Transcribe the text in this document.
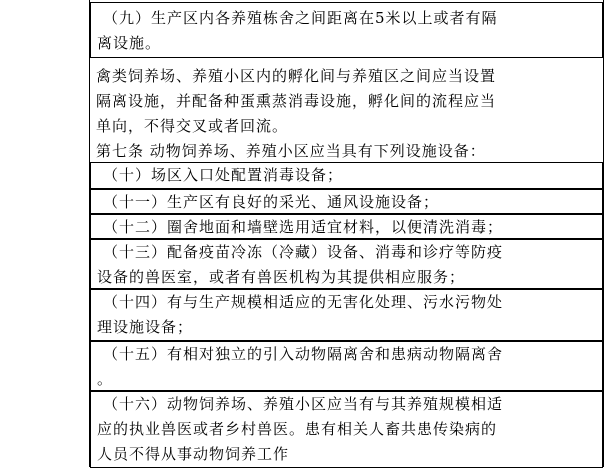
（九）生产区内各养殖栋舍之间距离在5米以上或者有隔
离设施。
禽类饲养场、养殖小区内的孵化间与养殖区之间应当设置
隔离设施，并配备种蛋熏蒸消毒设施，孵化间的流程应当
单向，不得交叉或者回流。
第七条 动物饲养场、养殖小区应当具有下列设施设备：
（十）场区入口处配置消毒设备；
（十一）生产区有良好的采光、通风设施设备；
（十二）圈舍地面和墙壁选用适宜材料，以便清洗消毒；
（十三）配备疫苗冷冻（冷藏）设备、消毒和诊疗等防疫
设备的兽医室，或者有兽医机构为其提供相应服务；
（十四）有与生产规模相适应的无害化处理、污水污物处
理设施设备；
（十五）有相对独立的引入动物隔离舍和患病动物隔离舍
。
（十六）动物饲养场、养殖小区应当有与其养殖规模相适
应的执业兽医或者乡村兽医。患有相关人畜共患传染病的
人员不得从事动物饲养工作
